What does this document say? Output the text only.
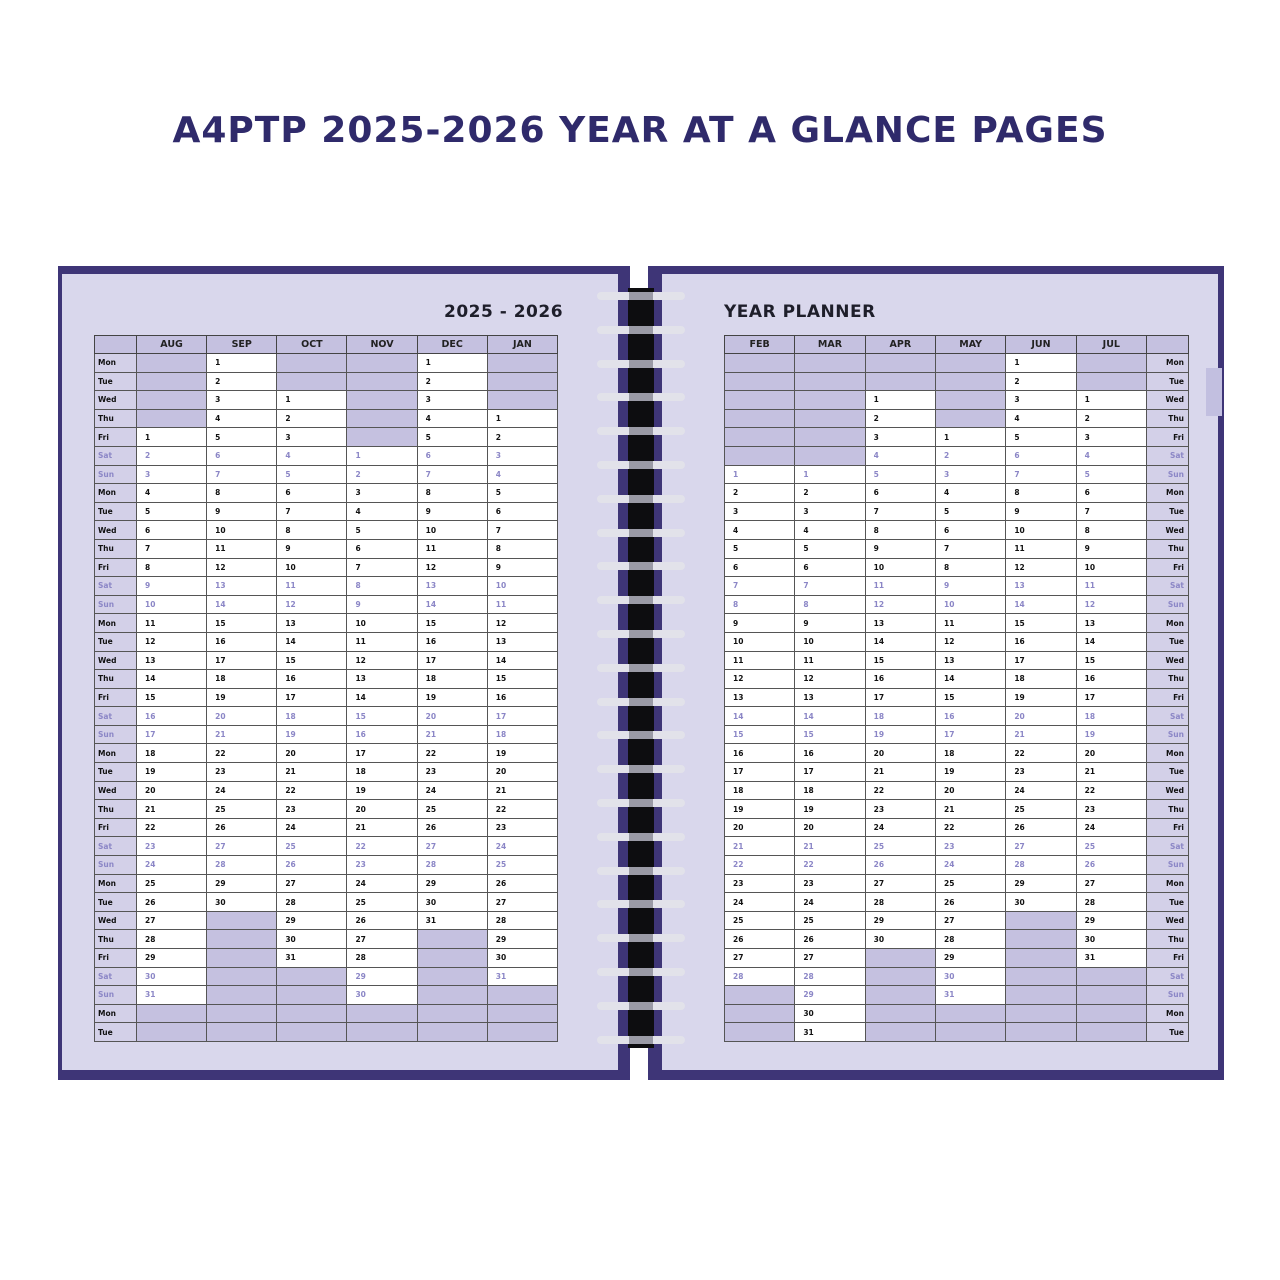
A4PTP 2025-2026 YEAR AT A GLANCE PAGES
2025 - 2026	YEAR PLANNER
	AUG	SEP	OCT	NOV	DEC	JAN
Mon		1			1	
Tue		2			2	
Wed		3	1		3	
Thu		4	2		4	1
Fri	1	5	3		5	2
Sat	2	6	4	1	6	3
Sun	3	7	5	2	7	4
Mon	4	8	6	3	8	5
Tue	5	9	7	4	9	6
Wed	6	10	8	5	10	7
Thu	7	11	9	6	11	8
Fri	8	12	10	7	12	9
Sat	9	13	11	8	13	10
Sun	10	14	12	9	14	11
Mon	11	15	13	10	15	12
Tue	12	16	14	11	16	13
Wed	13	17	15	12	17	14
Thu	14	18	16	13	18	15
Fri	15	19	17	14	19	16
Sat	16	20	18	15	20	17
Sun	17	21	19	16	21	18
Mon	18	22	20	17	22	19
Tue	19	23	21	18	23	20
Wed	20	24	22	19	24	21
Thu	21	25	23	20	25	22
Fri	22	26	24	21	26	23
Sat	23	27	25	22	27	24
Sun	24	28	26	23	28	25
Mon	25	29	27	24	29	26
Tue	26	30	28	25	30	27
Wed	27		29	26	31	28
Thu	28		30	27		29
Fri	29		31	28		30
Sat	30			29		31
Sun	31			30		
Mon						
Tue						
FEB	MAR	APR	MAY	JUN	JUL	
				1		Mon
				2		Tue
		1		3	1	Wed
		2		4	2	Thu
		3	1	5	3	Fri
		4	2	6	4	Sat
1	1	5	3	7	5	Sun
2	2	6	4	8	6	Mon
3	3	7	5	9	7	Tue
4	4	8	6	10	8	Wed
5	5	9	7	11	9	Thu
6	6	10	8	12	10	Fri
7	7	11	9	13	11	Sat
8	8	12	10	14	12	Sun
9	9	13	11	15	13	Mon
10	10	14	12	16	14	Tue
11	11	15	13	17	15	Wed
12	12	16	14	18	16	Thu
13	13	17	15	19	17	Fri
14	14	18	16	20	18	Sat
15	15	19	17	21	19	Sun
16	16	20	18	22	20	Mon
17	17	21	19	23	21	Tue
18	18	22	20	24	22	Wed
19	19	23	21	25	23	Thu
20	20	24	22	26	24	Fri
21	21	25	23	27	25	Sat
22	22	26	24	28	26	Sun
23	23	27	25	29	27	Mon
24	24	28	26	30	28	Tue
25	25	29	27		29	Wed
26	26	30	28		30	Thu
27	27		29		31	Fri
28	28		30			Sat
	29		31			Sun
	30					Mon
	31					Tue
